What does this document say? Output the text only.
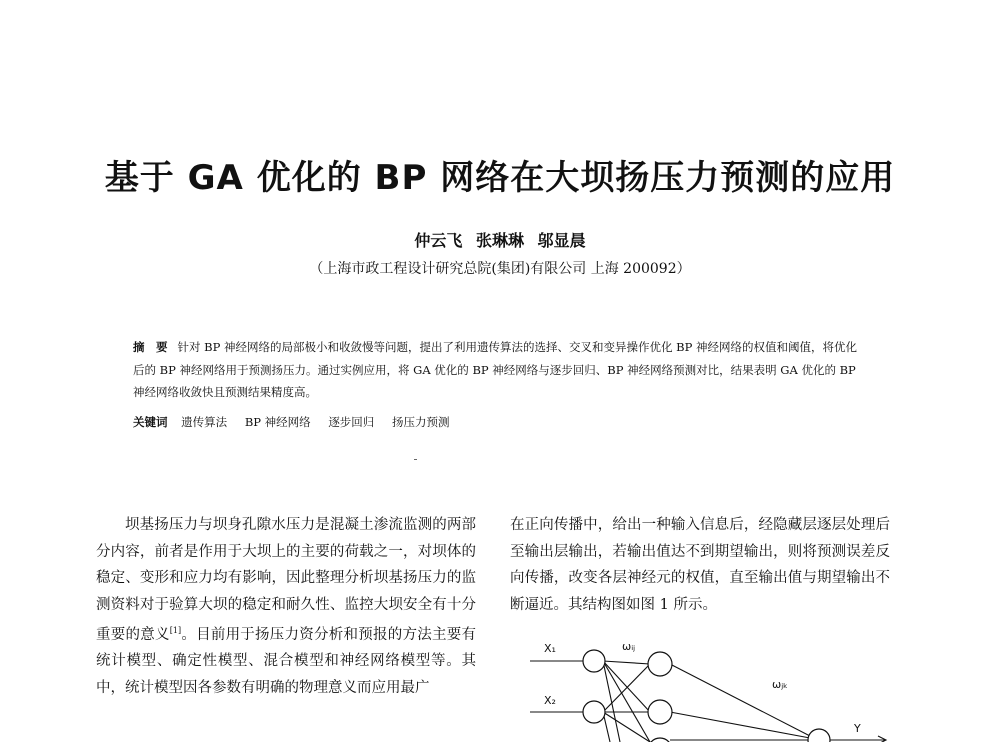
基于 GA 优化的 BP 网络在大坝扬压力预测的应用
仲云飞 张琳琳 邬显晨
（上海市政工程设计研究总院(集团)有限公司 上海 200092）
摘　要 针对 BP 神经网络的局部极小和收敛慢等问题，提出了利用遗传算法的选择、交叉和变异操作优化 BP 神经网络的权值和阈值，将优化后的 BP 神经网络用于预测扬压力。通过实例应用，将 GA 优化的 BP 神经网络与逐步回归、BP 神经网络预测对比，结果表明 GA 优化的 BP 神经网络收敛快且预测结果精度高。
关键词 遗传算法 BP 神经网络 逐步回归 扬压力预测

坝基扬压力与坝身孔隙水压力是混凝土渗流监测的两部分内容，前者是作用于大坝上的主要的荷载之一，对坝体的稳定、变形和应力均有影响，因此整理分析坝基扬压力的监测资料对于验算大坝的稳定和耐久性、监控大坝安全有十分重要的意义[1]。目前用于扬压力资分析和预报的方法主要有统计模型、确定性模型、混合模型和神经网络模型等。其中，统计模型因各参数有明确的物理意义而应用最广

在正向传播中，给出一种输入信息后，经隐藏层逐层处理后至输出层输出，若输出值达不到期望输出，则将预测误差反向传播，改变各层神经元的权值，直至输出值与期望输出不断逼近。其结构图如图 1 所示。

X₁
X₂
ωᵢⱼ
ωⱼₖ
Y
